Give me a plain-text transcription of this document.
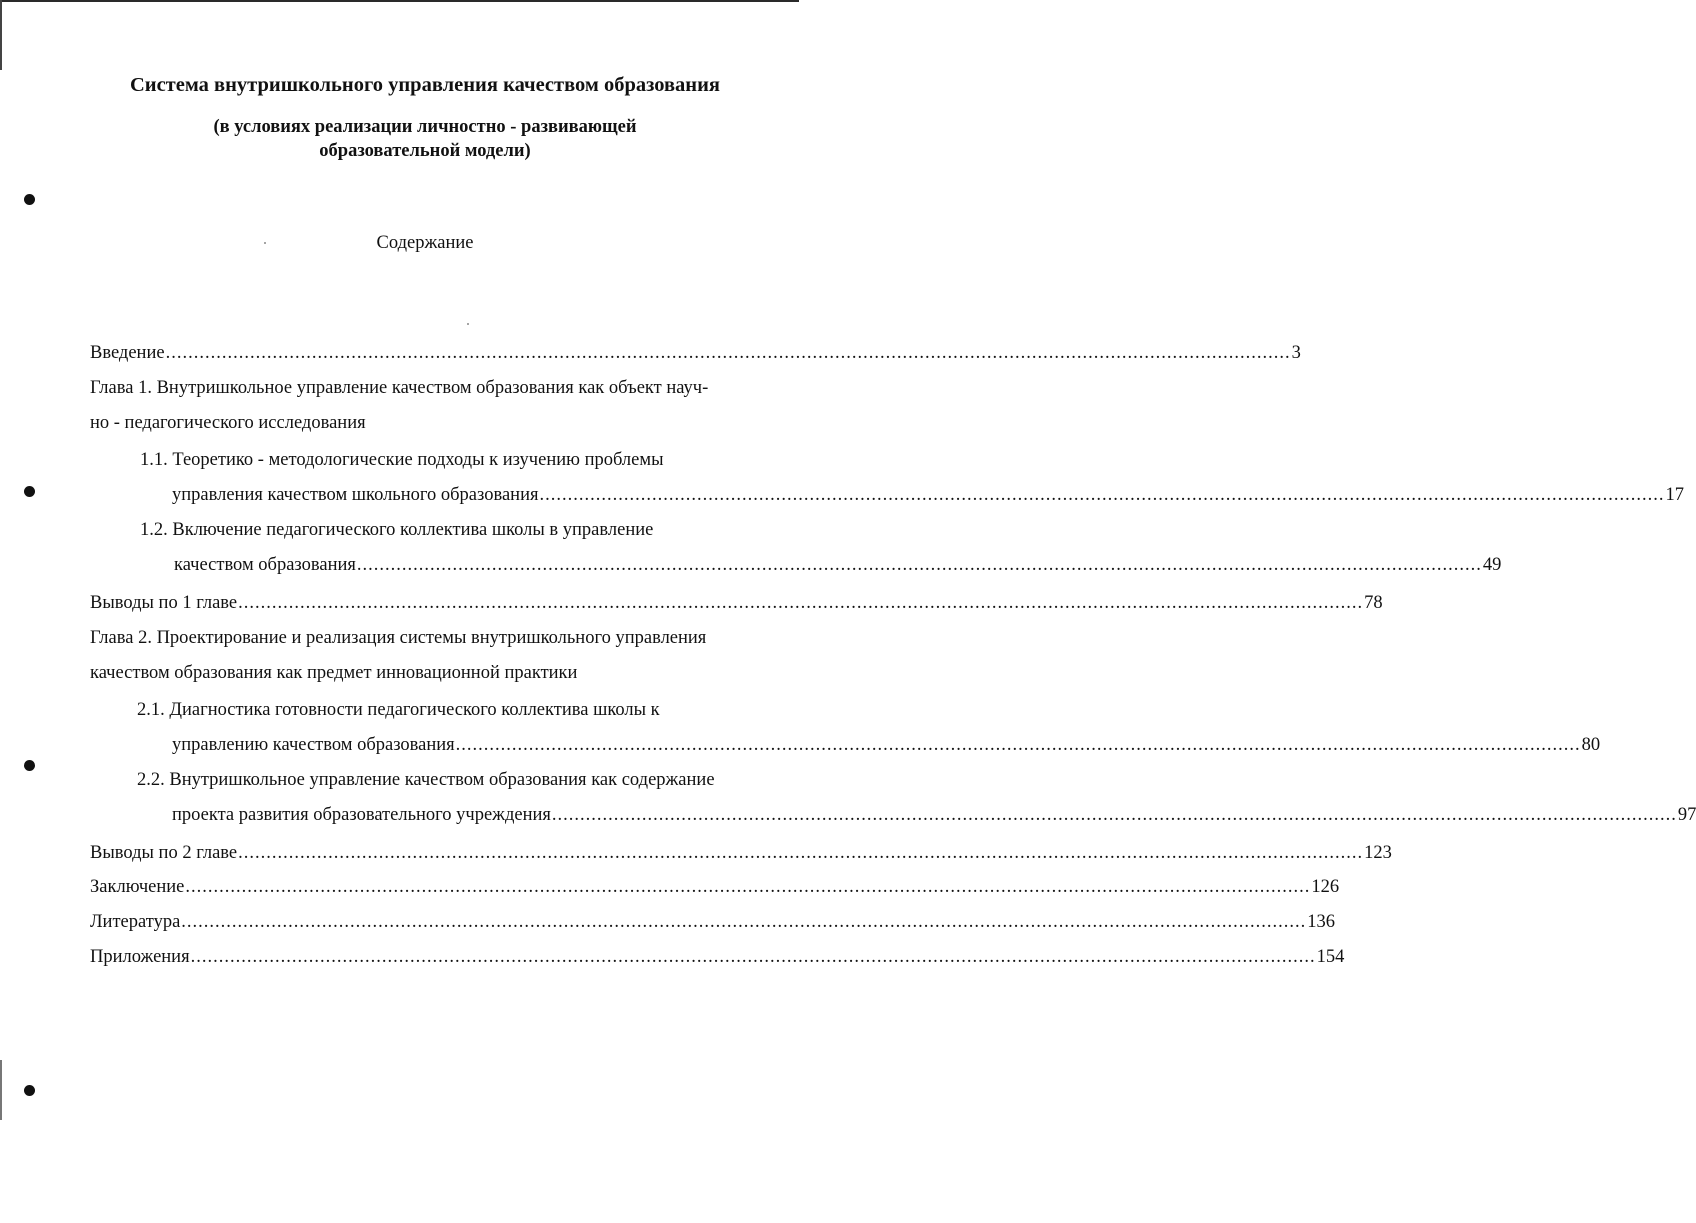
Система внутришкольного управления качеством образования
(в условиях реализации личностно - развивающей
образовательной модели)
Содержание
Введение ........................................................................................................................................................................................................ 3
Глава 1. Внутришкольное управление качеством образования как объект науч-
но - педагогического исследования
1.1. Теоретико - методологические подходы к изучению проблемы
управления качеством школьного образования ........................................................................................................................................................................................................ 17
1.2. Включение педагогического коллектива школы в управление
качеством образования ........................................................................................................................................................................................................ 49
Выводы по 1 главе ........................................................................................................................................................................................................ 78
Глава 2. Проектирование и реализация системы внутришкольного управления
качеством образования как предмет инновационной практики
2.1. Диагностика готовности педагогического коллектива школы к
управлению качеством образования ........................................................................................................................................................................................................ 80
2.2. Внутришкольное управление качеством образования как содержание
проекта развития образовательного учреждения ........................................................................................................................................................................................................ 97
Выводы по 2 главе ........................................................................................................................................................................................................ 123
Заключение ........................................................................................................................................................................................................ 126
Литература ........................................................................................................................................................................................................ 136
Приложения ........................................................................................................................................................................................................ 154
